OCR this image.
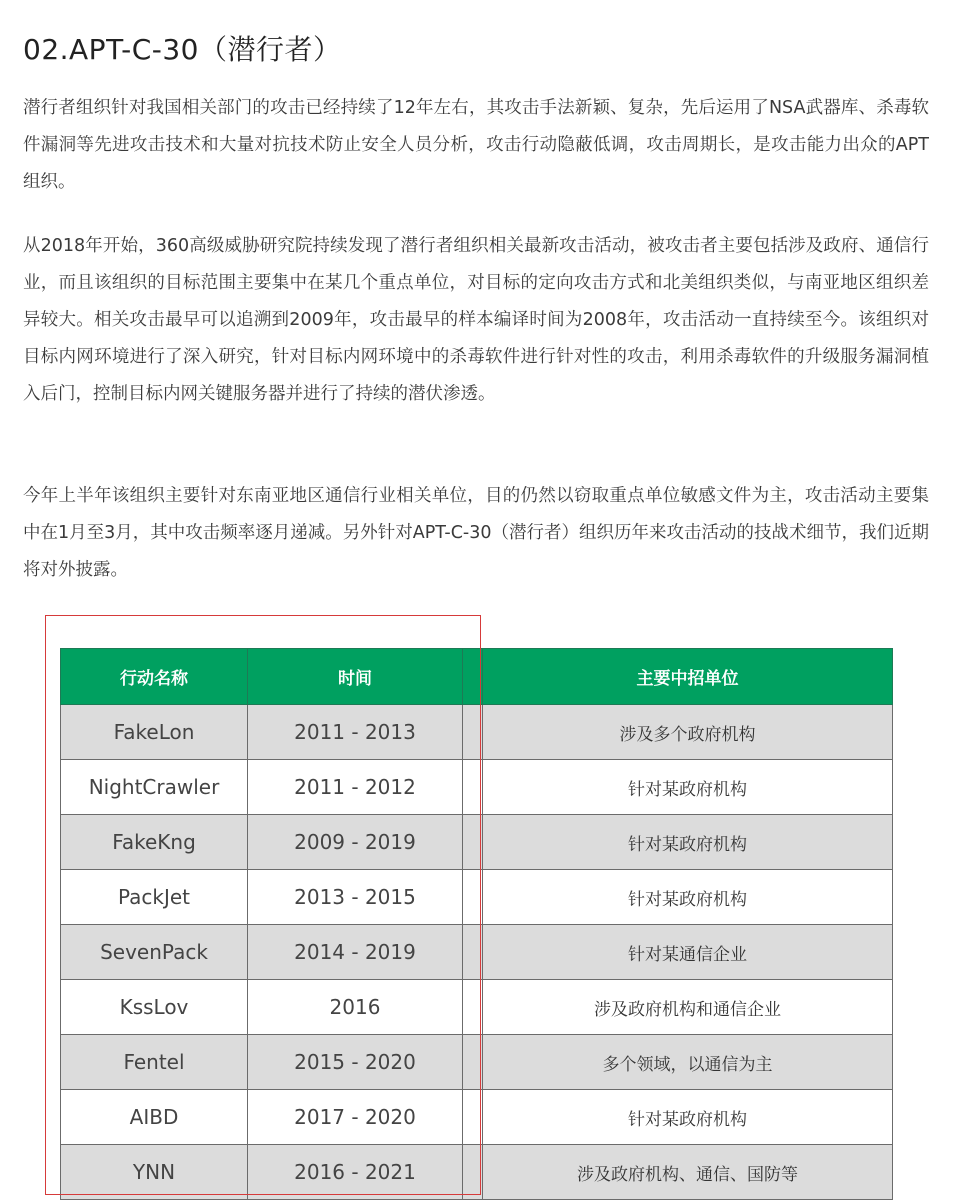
02.APT-C-30（潜行者）

潜行者组织针对我国相关部门的攻击已经持续了12年左右，其攻击手法新颖、复杂，先后运用了NSA武器库、杀毒软件漏洞等先进攻击技术和大量对抗技术防止安全人员分析，攻击行动隐蔽低调，攻击周期长，是攻击能力出众的APT组织。

从2018年开始，360高级威胁研究院持续发现了潜行者组织相关最新攻击活动，被攻击者主要包括涉及政府、通信行业，而且该组织的目标范围主要集中在某几个重点单位，对目标的定向攻击方式和北美组织类似，与南亚地区组织差异较大。相关攻击最早可以追溯到2009年，攻击最早的样本编译时间为2008年，攻击活动一直持续至今。该组织对目标内网环境进行了深入研究，针对目标内网环境中的杀毒软件进行针对性的攻击，利用杀毒软件的升级服务漏洞植入后门，控制目标内网关键服务器并进行了持续的潜伏渗透。

今年上半年该组织主要针对东南亚地区通信行业相关单位，目的仍然以窃取重点单位敏感文件为主，攻击活动主要集中在1月至3月，其中攻击频率逐月递减。另外针对APT-C-30（潜行者）组织历年来攻击活动的技战术细节，我们近期将对外披露。

行动名称	时间		主要中招单位
FakeLon	2011 - 2013		涉及多个政府机构
NightCrawler	2011 - 2012		针对某政府机构
FakeKng	2009 - 2019		针对某政府机构
PackJet	2013 - 2015		针对某政府机构
SevenPack	2014 - 2019		针对某通信企业
KssLov	2016		涉及政府机构和通信企业
Fentel	2015 - 2020		多个领域，以通信为主
AIBD	2017 - 2020		针对某政府机构
YNN	2016 - 2021		涉及政府机构、通信、国防等
